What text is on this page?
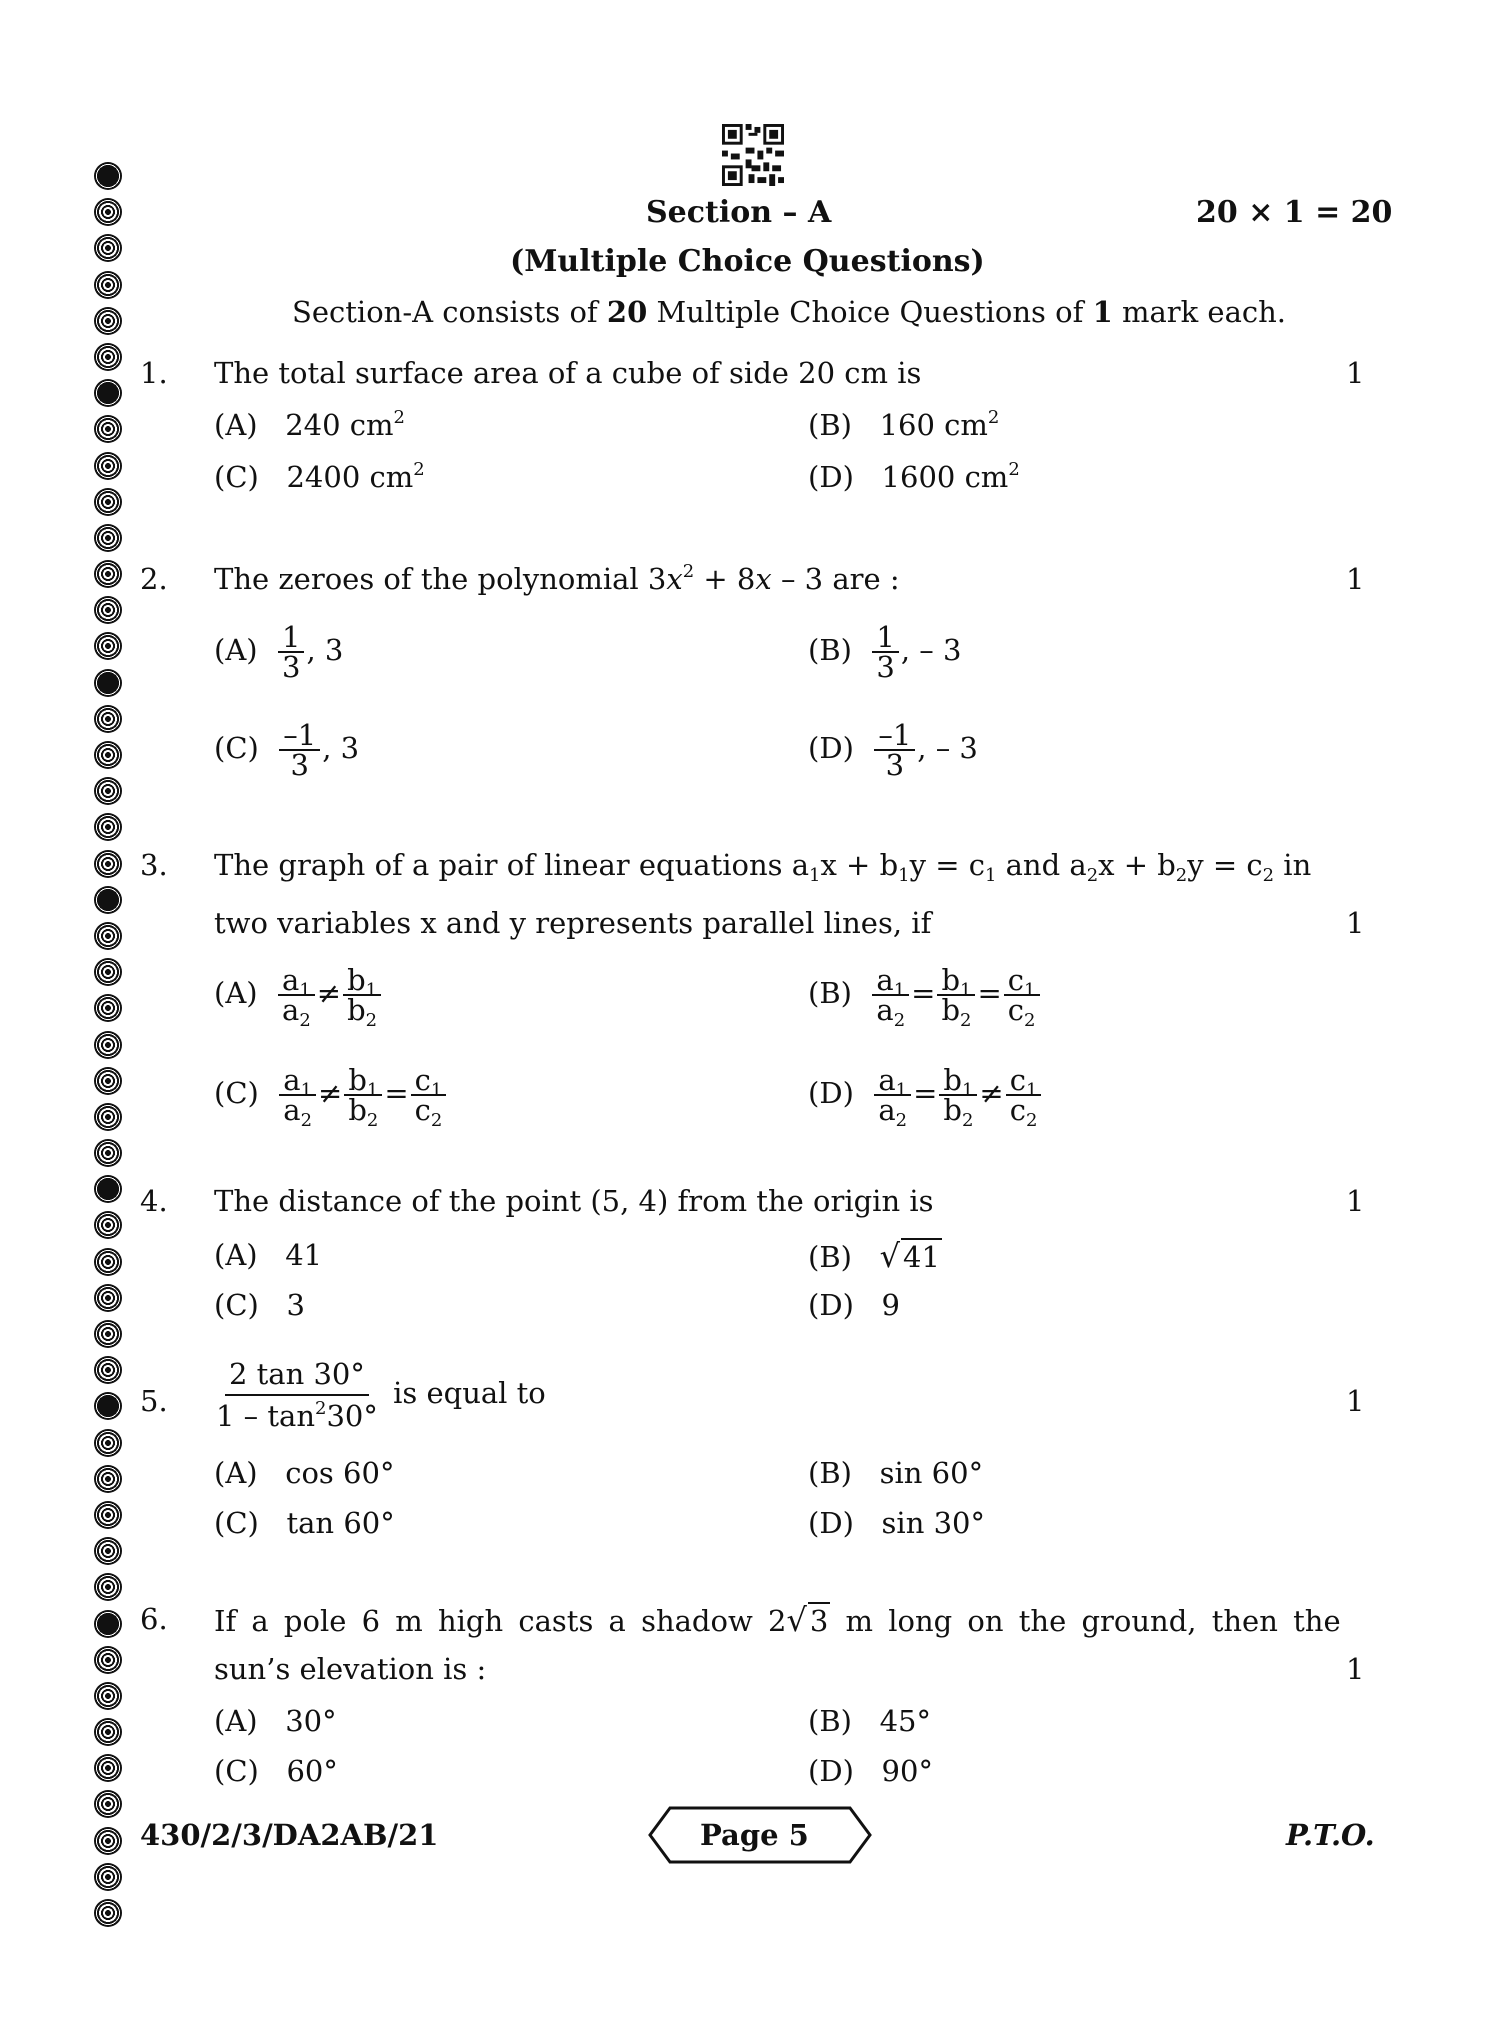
Section – A	20 × 1 = 20
(Multiple Choice Questions)
Section-A consists of 20 Multiple Choice Questions of 1 mark each.
1. The total surface area of a cube of side 20 cm is	1
(A) 240 $cm^2$	(B) 160 $cm^2$
(C) 2400 $cm^2$	(D) 1600 $cm^2$
2. The zeroes of the polynomial $3x^2 + 8x - 3$ are :	1
$(A) \frac{1}{3}$ , 3	$(B) \frac{1}{3}$ , – 3
$(C) \frac{-1}{3}$ , 3	$(D) \frac{-1}{3}$ , – 3
3. The graph of a pair of linear equations $a_1x + b_1y = c_1$ and $a_2x + b_2y = c_2$ in
two variables x and y represents parallel lines, if	1
$(A) \frac{a_1}{a_2} \ne \frac{b_1}{b_2}$	$(B) \frac{a_1}{a_2} = \frac{b_1}{b_2} = \frac{c_1}{c_2}$
$(C) \frac{a_1}{a_2} \ne \frac{b_1}{b_2} = \frac{c_1}{c_2}$	$(D) \frac{a_1}{a_2} = \frac{b_1}{b_2} \ne \frac{c_1}{c_2}$
4. The distance of the point (5, 4) from the origin is	1
(A) 41	(B) √ 41
(C) 3	(D) 9
5. $\frac{2 \tan 30^\circ}{1 - \tan^230^\circ}$ is equal to	1
(A) cos 60°	(B) sin 60°
(C) tan 60°	(D) sin 30°
6. If a pole 6 m high casts a shadow 2√ 3 m long on the ground, then the
sun’s elevation is :	1
(A) 30°	(B) 45°
(C) 60°	(D) 90°
430/2/3/DA2AB/21	Page 5	P.T.O.
